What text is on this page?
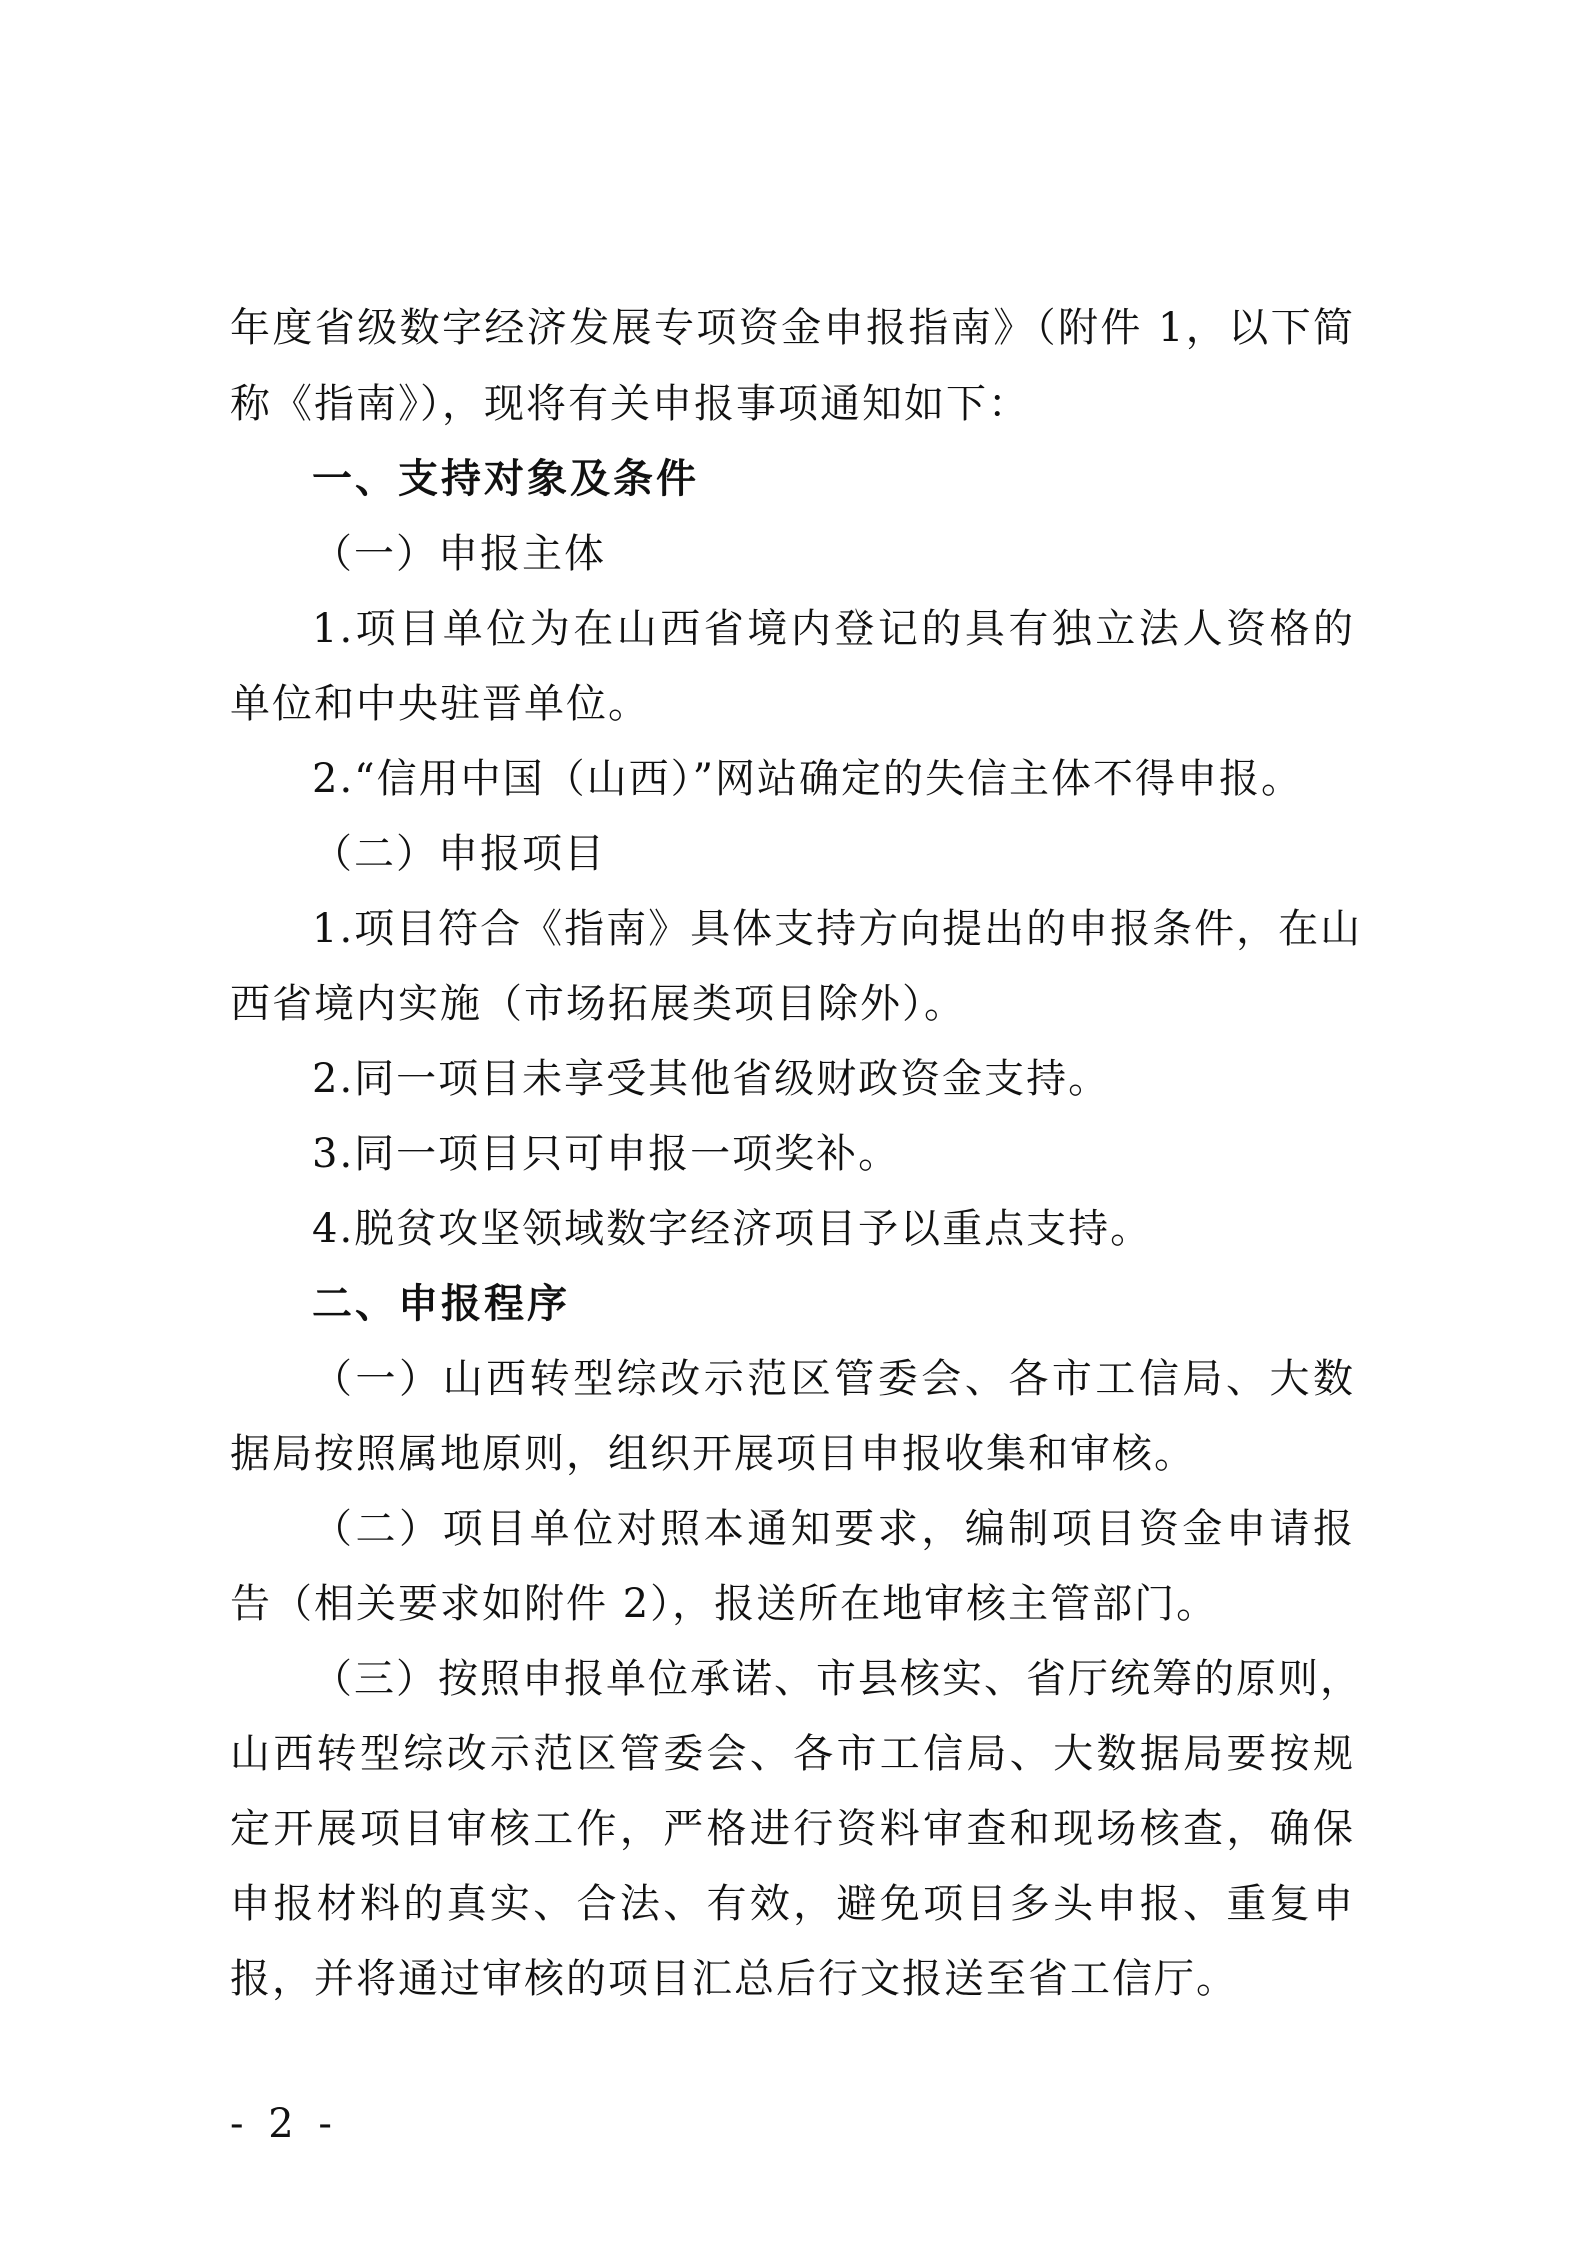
年度省级数字经济发展专项资金申报指南》（附件 1，以下简
称《指南》），现将有关申报事项通知如下：
一、支持对象及条件
（一）申报主体
1.项目单位为在山西省境内登记的具有独立法人资格的
单位和中央驻晋单位。
2.“信用中国（山西）”网站确定的失信主体不得申报。
（二）申报项目
1.项目符合《指南》具体支持方向提出的申报条件，在山
西省境内实施（市场拓展类项目除外）。
2.同一项目未享受其他省级财政资金支持。
3.同一项目只可申报一项奖补。
4.脱贫攻坚领域数字经济项目予以重点支持。
二、申报程序
（一）山西转型综改示范区管委会、各市工信局、大数
据局按照属地原则，组织开展项目申报收集和审核。
（二）项目单位对照本通知要求，编制项目资金申请报
告（相关要求如附件 2），报送所在地审核主管部门。
（三）按照申报单位承诺、市县核实、省厅统筹的原则，
山西转型综改示范区管委会、各市工信局、大数据局要按规
定开展项目审核工作，严格进行资料审查和现场核查，确保
申报材料的真实、合法、有效，避免项目多头申报、重复申
报，并将通过审核的项目汇总后行文报送至省工信厅。
- 2 -
